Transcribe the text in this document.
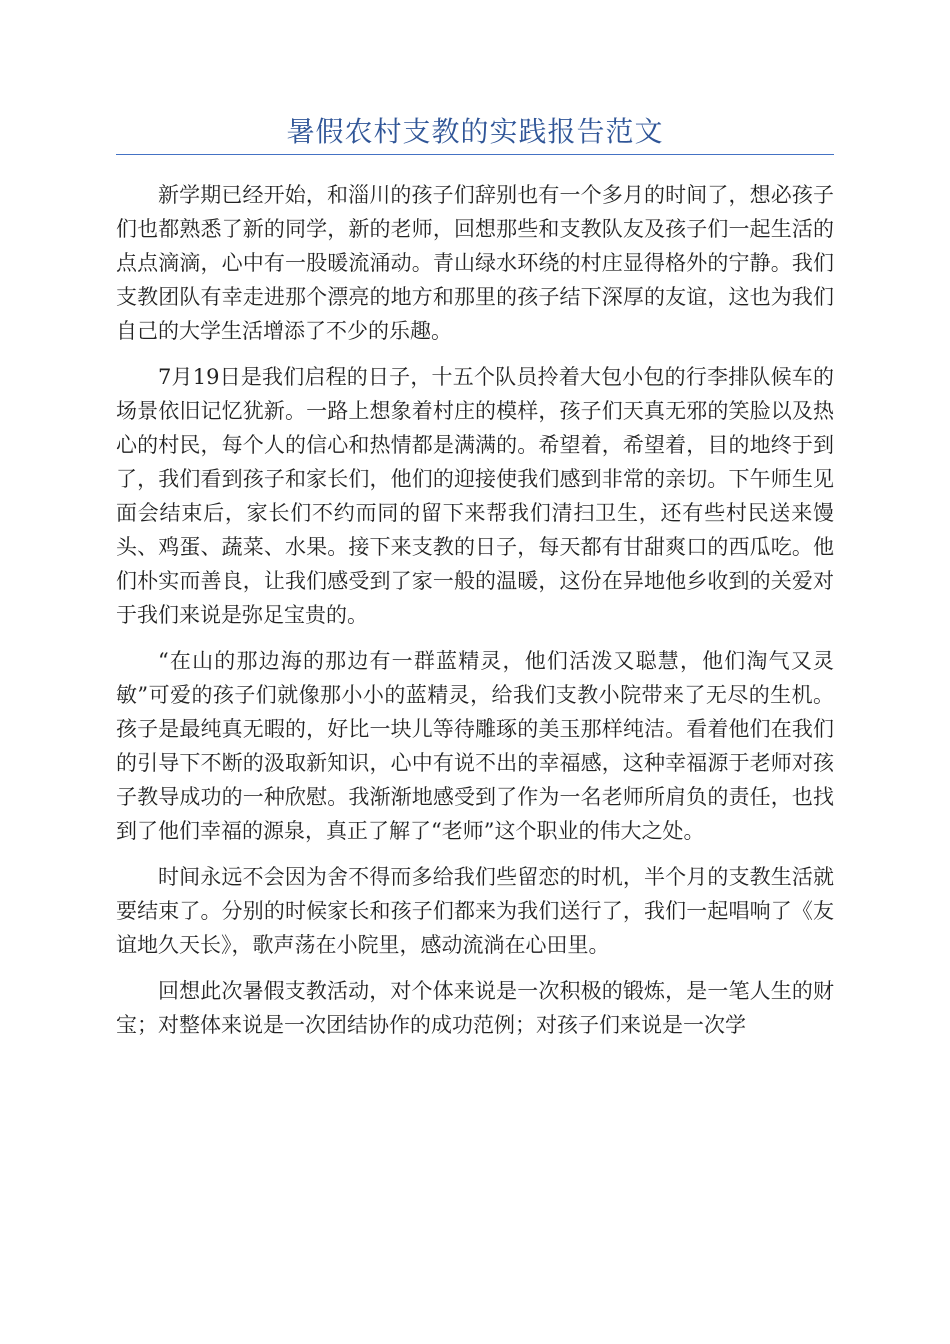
暑假农村支教的实践报告范文

新学期已经开始，和淄川的孩子们辞别也有一个多月的时间了，想必孩子们也都熟悉了新的同学，新的老师，回想那些和支教队友及孩子们一起生活的点点滴滴，心中有一股暖流涌动。青山绿水环绕的村庄显得格外的宁静。我们支教团队有幸走进那个漂亮的地方和那里的孩子结下深厚的友谊，这也为我们自己的大学生活增添了不少的乐趣。

7月19日是我们启程的日子，十五个队员拎着大包小包的行李排队候车的场景依旧记忆犹新。一路上想象着村庄的模样，孩子们天真无邪的笑脸以及热心的村民，每个人的信心和热情都是满满的。希望着，希望着，目的地终于到了，我们看到孩子和家长们，他们的迎接使我们感到非常的亲切。下午师生见面会结束后，家长们不约而同的留下来帮我们清扫卫生，还有些村民送来馒头、鸡蛋、蔬菜、水果。接下来支教的日子，每天都有甘甜爽口的西瓜吃。他们朴实而善良，让我们感受到了家一般的温暖，这份在异地他乡收到的关爱对于我们来说是弥足宝贵的。

“在山的那边海的那边有一群蓝精灵，他们活泼又聪慧，他们淘气又灵敏”可爱的孩子们就像那小小的蓝精灵，给我们支教小院带来了无尽的生机。孩子是最纯真无暇的，好比一块儿等待雕琢的美玉那样纯洁。看着他们在我们的引导下不断的汲取新知识，心中有说不出的幸福感，这种幸福源于老师对孩子教导成功的一种欣慰。我渐渐地感受到了作为一名老师所肩负的责任，也找到了他们幸福的源泉，真正了解了“老师”这个职业的伟大之处。

时间永远不会因为舍不得而多给我们些留恋的时机，半个月的支教生活就要结束了。分别的时候家长和孩子们都来为我们送行了，我们一起唱响了《友谊地久天长》，歌声荡在小院里，感动流淌在心田里。

回想此次暑假支教活动，对个体来说是一次积极的锻炼，是一笔人生的财宝；对整体来说是一次团结协作的成功范例；对孩子们来说是一次学
